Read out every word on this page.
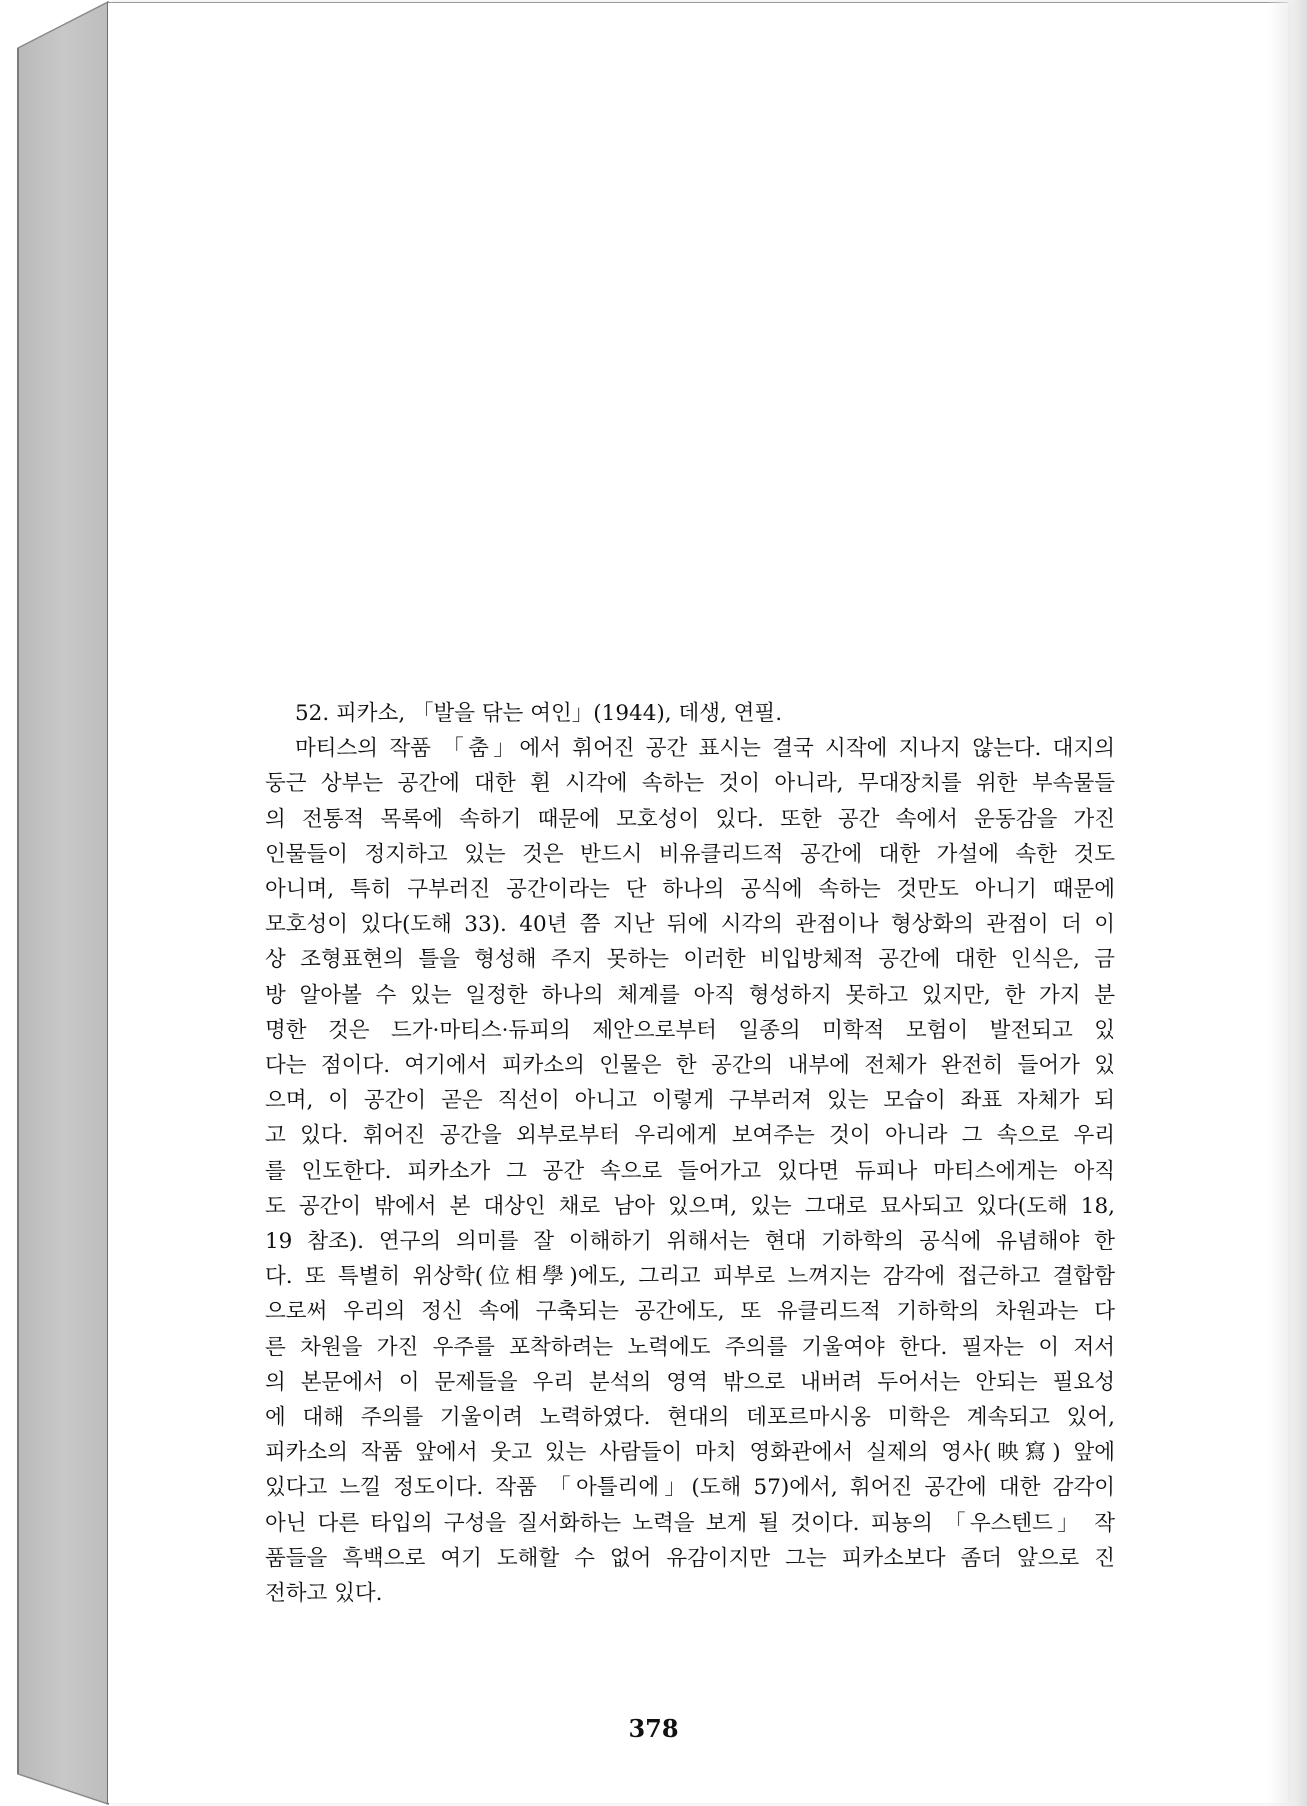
52. 피카소, 「발을 닦는 여인」(1944), 데생, 연필.

마티스의 작품 「춤」에서 휘어진 공간 표시는 결국 시작에 지나지 않는다. 대지의
둥근 상부는 공간에 대한 휜 시각에 속하는 것이 아니라, 무대장치를 위한 부속물들
의 전통적 목록에 속하기 때문에 모호성이 있다. 또한 공간 속에서 운동감을 가진
인물들이 정지하고 있는 것은 반드시 비유클리드적 공간에 대한 가설에 속한 것도
아니며, 특히 구부러진 공간이라는 단 하나의 공식에 속하는 것만도 아니기 때문에
모호성이 있다(도해 33). 40년 쯤 지난 뒤에 시각의 관점이나 형상화의 관점이 더 이
상 조형표현의 틀을 형성해 주지 못하는 이러한 비입방체적 공간에 대한 인식은, 금
방 알아볼 수 있는 일정한 하나의 체계를 아직 형성하지 못하고 있지만, 한 가지 분
명한 것은 드가·마티스·듀피의 제안으로부터 일종의 미학적 모험이 발전되고 있
다는 점이다. 여기에서 피카소의 인물은 한 공간의 내부에 전체가 완전히 들어가 있
으며, 이 공간이 곧은 직선이 아니고 이렇게 구부러져 있는 모습이 좌표 자체가 되
고 있다. 휘어진 공간을 외부로부터 우리에게 보여주는 것이 아니라 그 속으로 우리
를 인도한다. 피카소가 그 공간 속으로 들어가고 있다면 듀피나 마티스에게는 아직
도 공간이 밖에서 본 대상인 채로 남아 있으며, 있는 그대로 묘사되고 있다(도해 18,
19 참조). 연구의 의미를 잘 이해하기 위해서는 현대 기하학의 공식에 유념해야 한
다. 또 특별히 위상학(位相學)에도, 그리고 피부로 느껴지는 감각에 접근하고 결합함
으로써 우리의 정신 속에 구축되는 공간에도, 또 유클리드적 기하학의 차원과는 다
른 차원을 가진 우주를 포착하려는 노력에도 주의를 기울여야 한다. 필자는 이 저서
의 본문에서 이 문제들을 우리 분석의 영역 밖으로 내버려 두어서는 안되는 필요성
에 대해 주의를 기울이려 노력하였다. 현대의 데포르마시옹 미학은 계속되고 있어,
피카소의 작품 앞에서 웃고 있는 사람들이 마치 영화관에서 실제의 영사(映寫) 앞에
있다고 느낄 정도이다. 작품 「아틀리에」(도해 57)에서, 휘어진 공간에 대한 감각이
아닌 다른 타입의 구성을 질서화하는 노력을 보게 될 것이다. 피뇽의 「우스텐드」 작
품들을 흑백으로 여기 도해할 수 없어 유감이지만 그는 피카소보다 좀더 앞으로 진
전하고 있다.
378
